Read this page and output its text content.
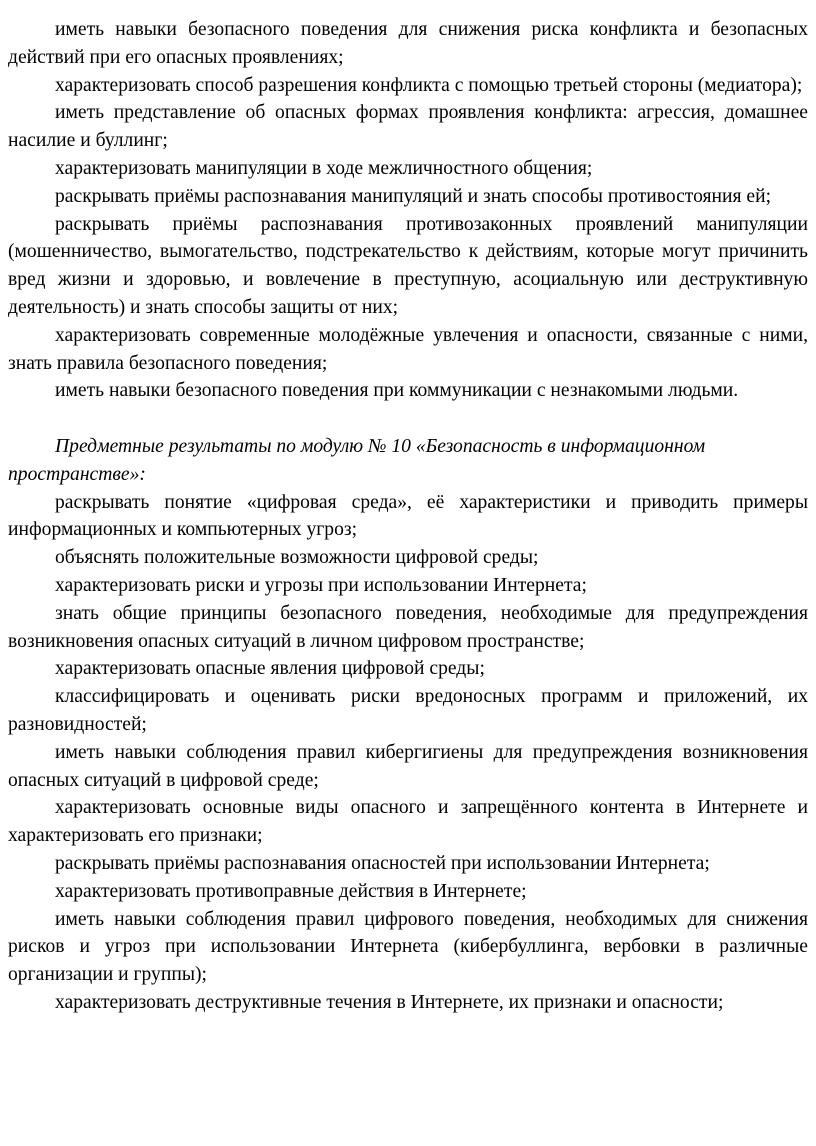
иметь навыки безопасного поведения для снижения риска конфликта и безопасных действий при его опасных проявлениях;

характеризовать способ разрешения конфликта с помощью третьей стороны (медиатора);

иметь представление об опасных формах проявления конфликта: агрессия, домашнее насилие и буллинг;

характеризовать манипуляции в ходе межличностного общения;

раскрывать приёмы распознавания манипуляций и знать способы противостояния ей;

раскрывать приёмы распознавания противозаконных проявлений манипуляции (мошенничество, вымогательство, подстрекательство к действиям, которые могут причинить вред жизни и здоровью, и вовлечение в преступную, асоциальную или деструктивную деятельность) и знать способы защиты от них;

характеризовать современные молодёжные увлечения и опасности, связанные с ними, знать правила безопасного поведения;

иметь навыки безопасного поведения при коммуникации с незнакомыми людьми.

Предметные результаты по модулю № 10 «Безопасность в информационном пространстве»:

раскрывать понятие «цифровая среда», её характеристики и приводить примеры информационных и компьютерных угроз;

объяснять положительные возможности цифровой среды;

характеризовать риски и угрозы при использовании Интернета;

знать общие принципы безопасного поведения, необходимые для предупреждения возникновения опасных ситуаций в личном цифровом пространстве;

характеризовать опасные явления цифровой среды;

классифицировать и оценивать риски вредоносных программ и приложений, их разновидностей;

иметь навыки соблюдения правил кибергигиены для предупреждения возникновения опасных ситуаций в цифровой среде;

характеризовать основные виды опасного и запрещённого контента в Интернете и характеризовать его признаки;

раскрывать приёмы распознавания опасностей при использовании Интернета;

характеризовать противоправные действия в Интернете;

иметь навыки соблюдения правил цифрового поведения, необходимых для снижения рисков и угроз при использовании Интернета (кибербуллинга, вербовки в различные организации и группы);

характеризовать деструктивные течения в Интернете, их признаки и опасности;
